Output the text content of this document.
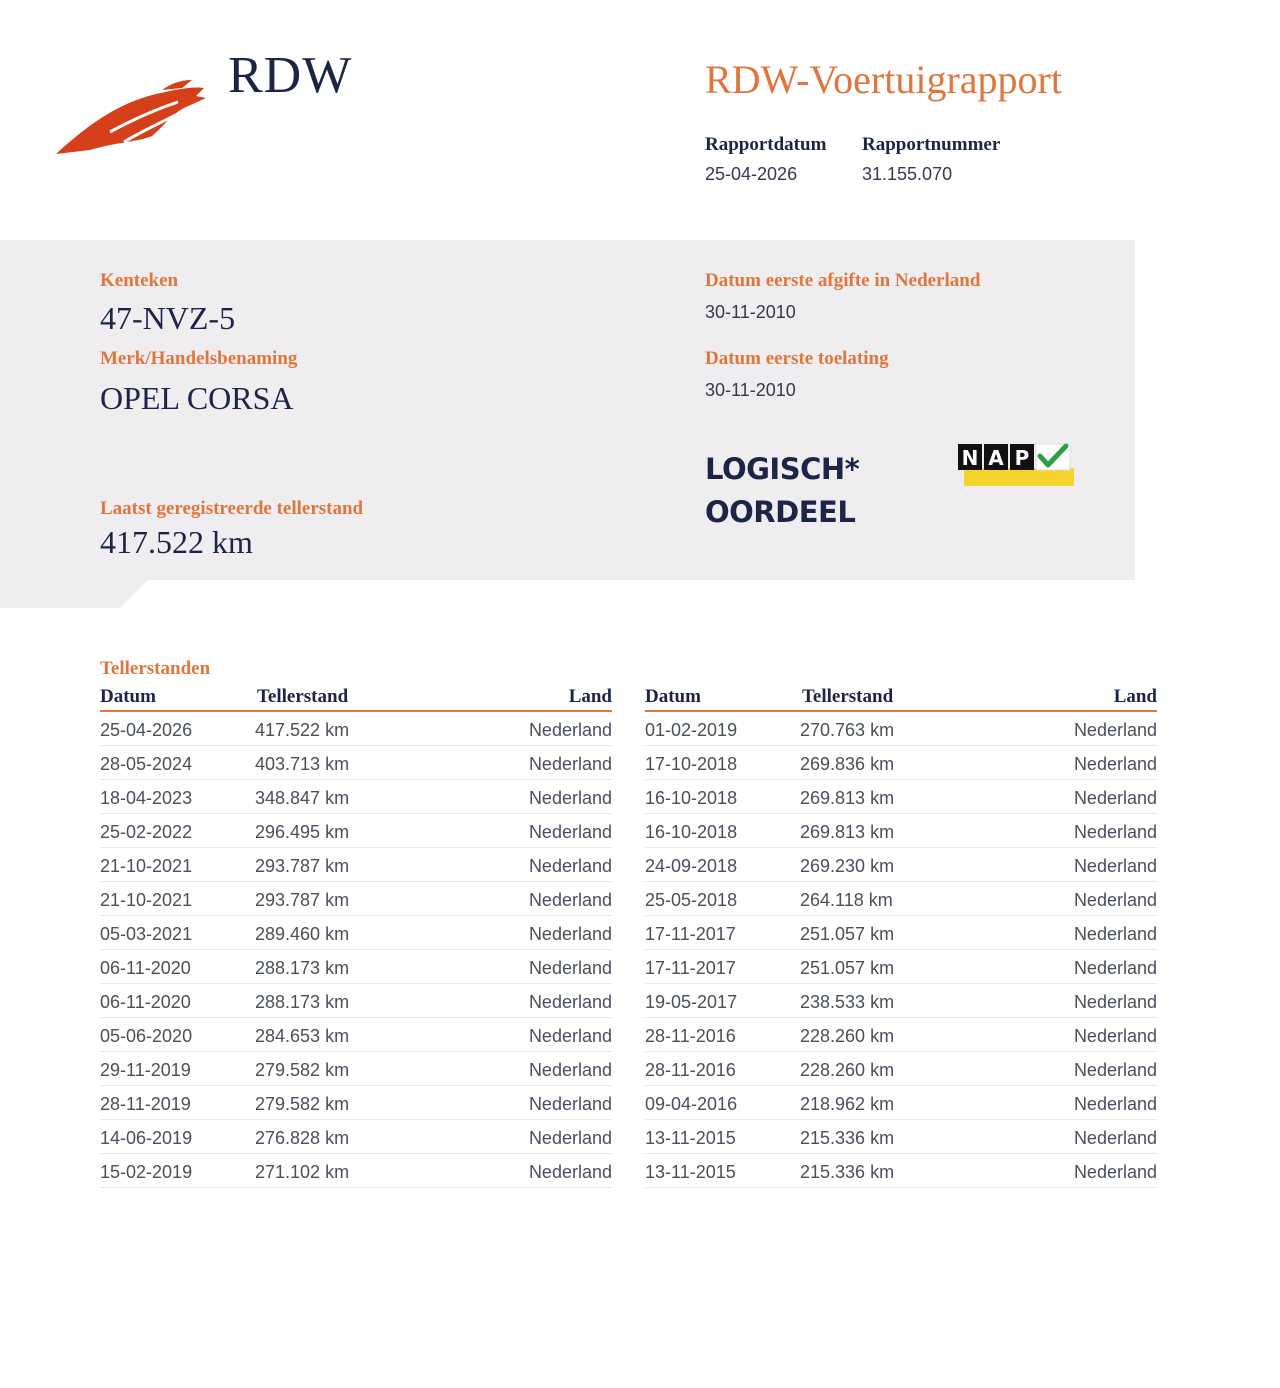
RDW	RDW-Voertuigrapport
Rapportdatum
25-04-2026
Rapportnummer
31.155.070
Kenteken
47-NVZ-5
Merk/Handelsbenaming
OPEL CORSA
Laatst geregistreerde tellerstand
417.522 km
Datum eerste afgifte in Nederland
30-11-2010
Datum eerste toelating
30-11-2010
LOGISCH*
OORDEEL
N A P
Tellerstanden
Datum	Tellerstand	Land
25-04-2026	417.522 km	Nederland
28-05-2024	403.713 km	Nederland
18-04-2023	348.847 km	Nederland
25-02-2022	296.495 km	Nederland
21-10-2021	293.787 km	Nederland
21-10-2021	293.787 km	Nederland
05-03-2021	289.460 km	Nederland
06-11-2020	288.173 km	Nederland
06-11-2020	288.173 km	Nederland
05-06-2020	284.653 km	Nederland
29-11-2019	279.582 km	Nederland
28-11-2019	279.582 km	Nederland
14-06-2019	276.828 km	Nederland
15-02-2019	271.102 km	Nederland
Datum	Tellerstand	Land
01-02-2019	270.763 km	Nederland
17-10-2018	269.836 km	Nederland
16-10-2018	269.813 km	Nederland
16-10-2018	269.813 km	Nederland
24-09-2018	269.230 km	Nederland
25-05-2018	264.118 km	Nederland
17-11-2017	251.057 km	Nederland
17-11-2017	251.057 km	Nederland
19-05-2017	238.533 km	Nederland
28-11-2016	228.260 km	Nederland
28-11-2016	228.260 km	Nederland
09-04-2016	218.962 km	Nederland
13-11-2015	215.336 km	Nederland
13-11-2015	215.336 km	Nederland
